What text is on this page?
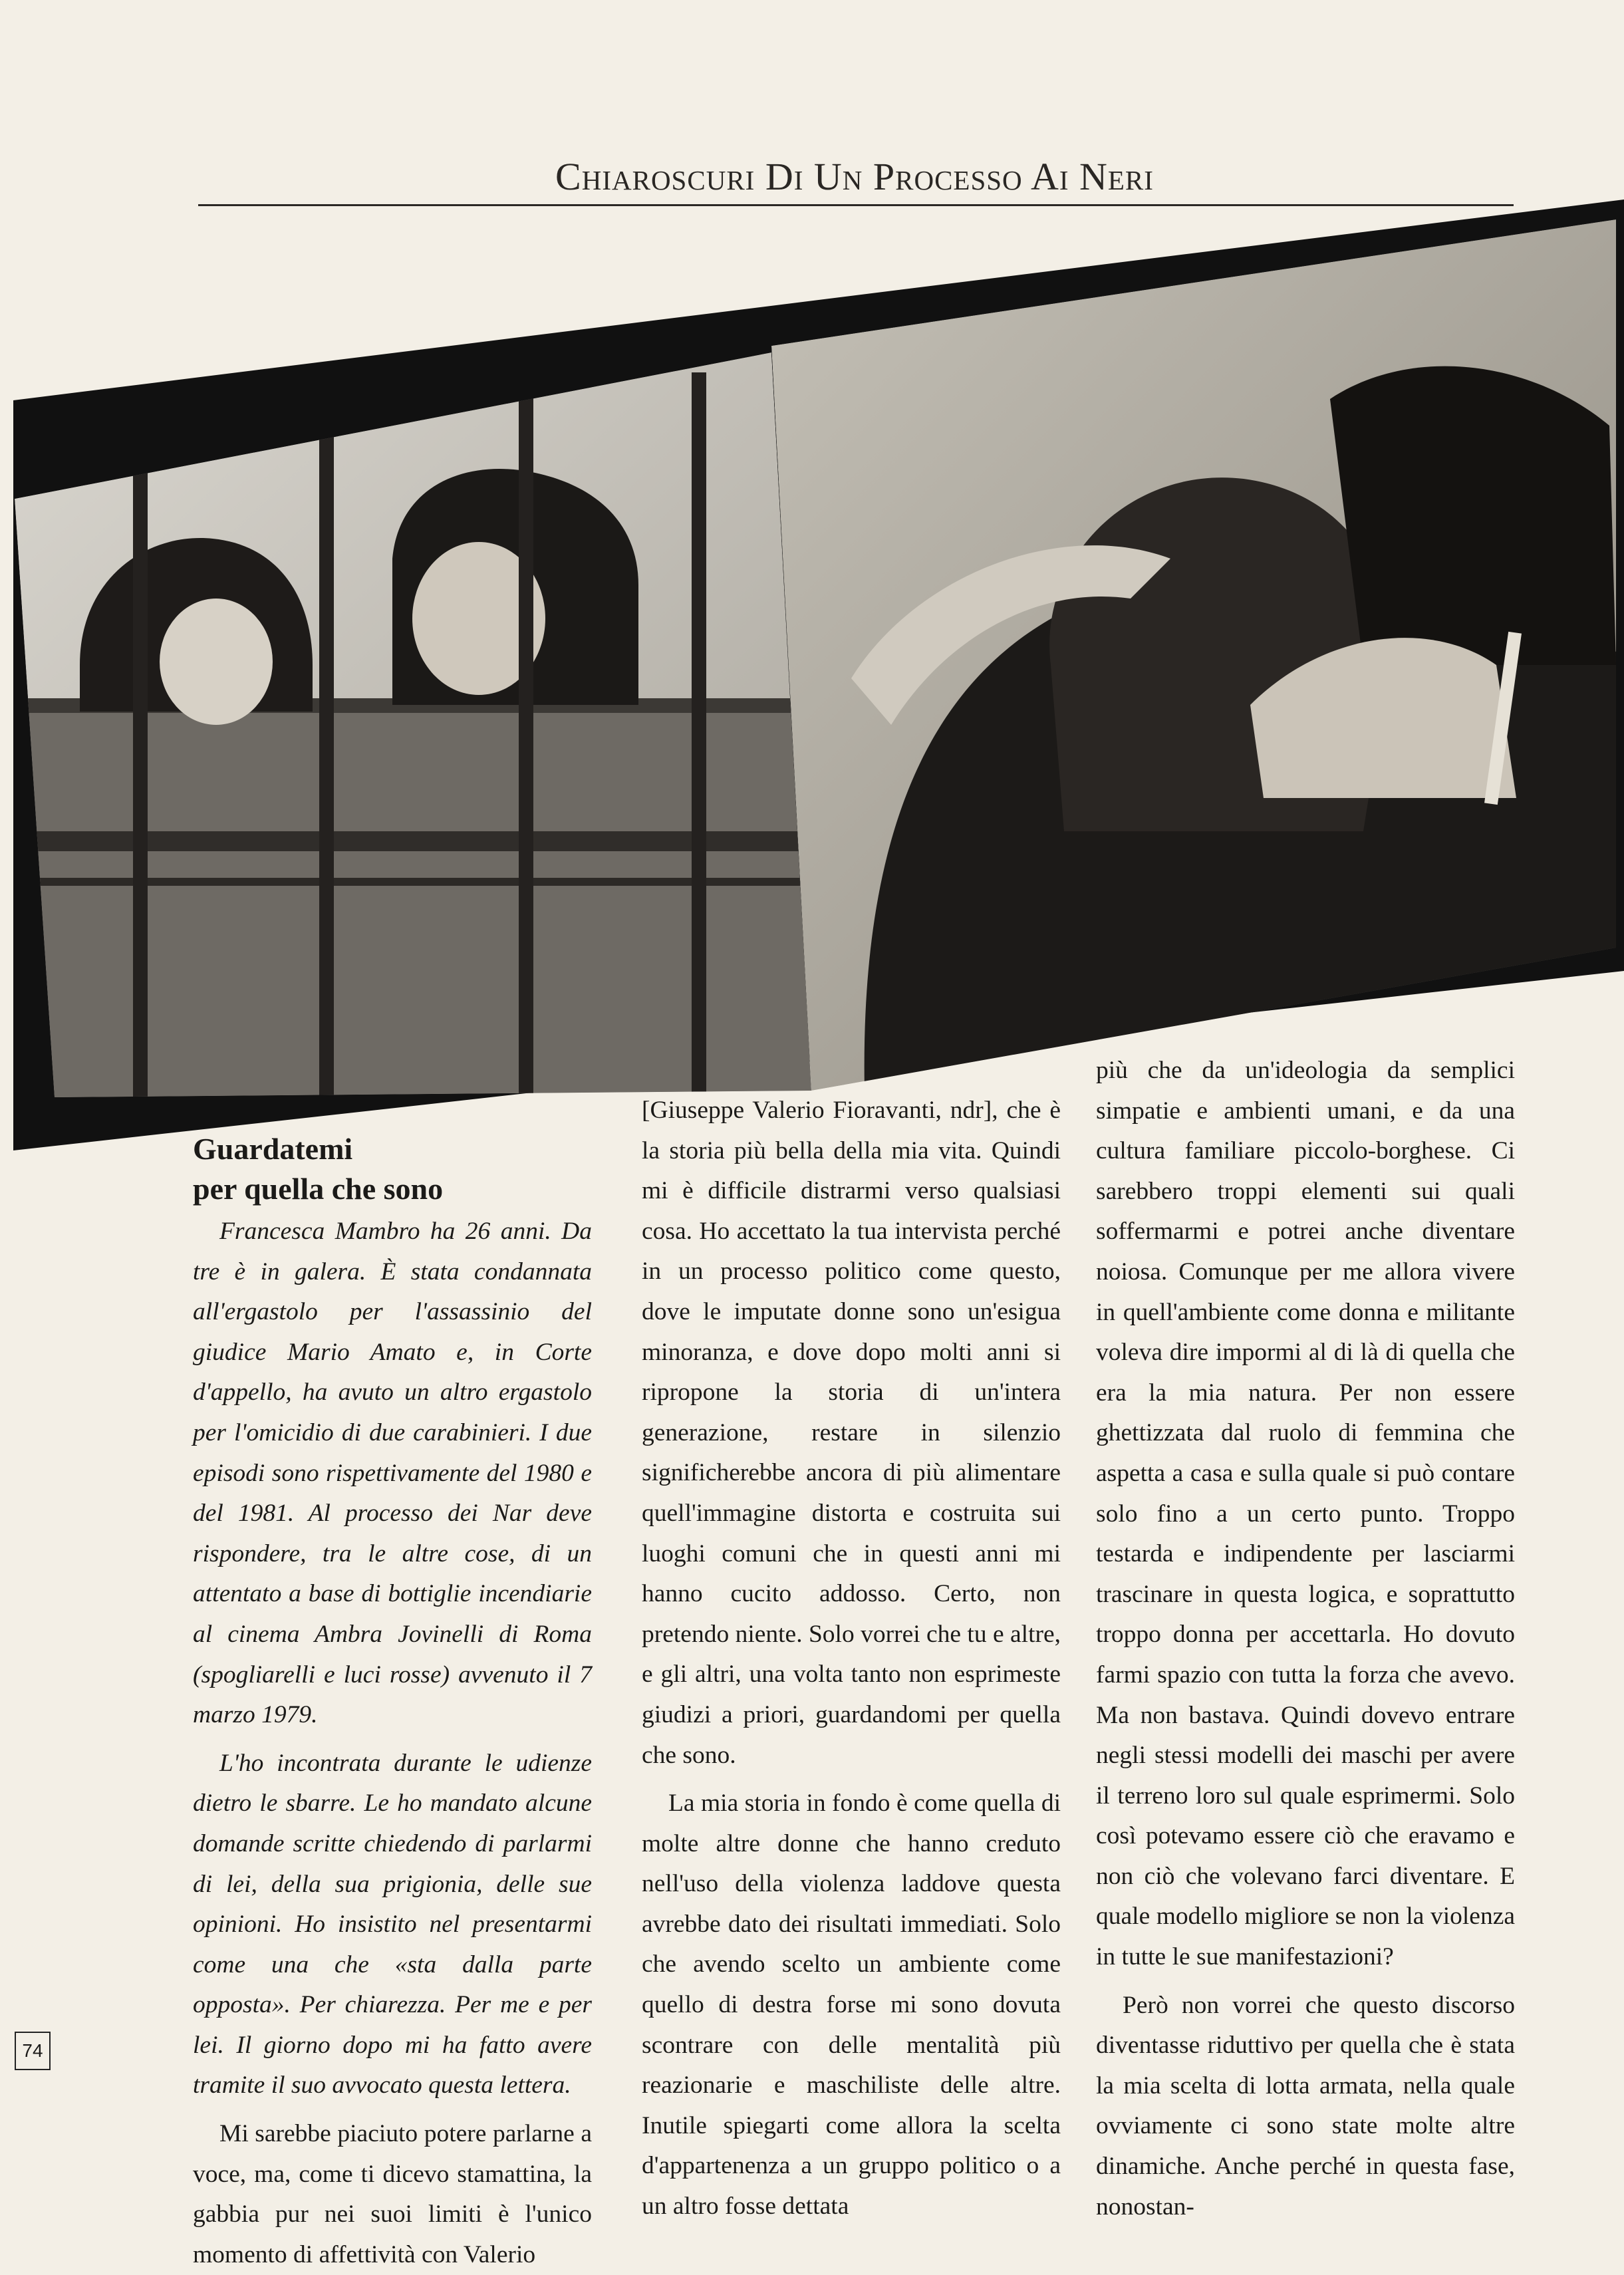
Chiaroscuri Di Un Processo Ai Neri
Guardatemi
per quella che sono

Francesca Mambro ha 26 anni. Da tre è in galera. È stata condannata all'ergastolo per l'assassinio del giudice Mario Amato e, in Corte d'appello, ha avuto un altro ergastolo per l'omicidio di due carabinieri. I due episodi sono rispettivamente del 1980 e del 1981. Al processo dei Nar deve rispondere, tra le altre cose, di un attentato a base di bottiglie incendiarie al cinema Ambra Jovinelli di Roma (spogliarelli e luci rosse) avvenuto il 7 marzo 1979.

L'ho incontrata durante le udienze dietro le sbarre. Le ho mandato alcune domande scritte chiedendo di parlarmi di lei, della sua prigionia, delle sue opinioni. Ho insistito nel presentarmi come una che «sta dalla parte opposta». Per chiarezza. Per me e per lei. Il giorno dopo mi ha fatto avere tramite il suo avvocato questa lettera.

Mi sarebbe piaciuto potere parlarne a voce, ma, come ti dicevo stamattina, la gabbia pur nei suoi limiti è l'unico momento di affettività con Valerio

[Giuseppe Valerio Fioravanti, ndr], che è la storia più bella della mia vita. Quindi mi è difficile distrarmi verso qualsiasi cosa. Ho accettato la tua intervista perché in un processo politico come questo, dove le imputate donne sono un'esigua minoranza, e dove dopo molti anni si ripropone la storia di un'intera generazione, restare in silenzio significherebbe ancora di più alimentare quell'immagine distorta e costruita sui luoghi comuni che in questi anni mi hanno cucito addosso. Certo, non pretendo niente. Solo vorrei che tu e altre, e gli altri, una volta tanto non esprimeste giudizi a priori, guardandomi per quella che sono.

La mia storia in fondo è come quella di molte altre donne che hanno creduto nell'uso della violenza laddove questa avrebbe dato dei risultati immediati. Solo che avendo scelto un ambiente come quello di destra forse mi sono dovuta scontrare con delle mentalità più reazionarie e maschiliste delle altre. Inutile spiegarti come allora la scelta d'appartenenza a un gruppo politico o a un altro fosse dettata

più che da un'ideologia da semplici simpatie e ambienti umani, e da una cultura familiare piccolo-borghese. Ci sarebbero troppi elementi sui quali soffermarmi e potrei anche diventare noiosa. Comunque per me allora vivere in quell'ambiente come donna e militante voleva dire impormi al di là di quella che era la mia natura. Per non essere ghettizzata dal ruolo di femmina che aspetta a casa e sulla quale si può contare solo fino a un certo punto. Troppo testarda e indipendente per lasciarmi trascinare in questa logica, e soprattutto troppo donna per accettarla. Ho dovuto farmi spazio con tutta la forza che avevo. Ma non bastava. Quindi dovevo entrare negli stessi modelli dei maschi per avere il terreno loro sul quale esprimermi. Solo così potevamo essere ciò che eravamo e non ciò che volevano farci diventare. E quale modello migliore se non la violenza in tutte le sue manifestazioni?

Però non vorrei che questo discorso diventasse riduttivo per quella che è stata la mia scelta di lotta armata, nella quale ovviamente ci sono state molte altre dinamiche. Anche perché in questa fase, nonostan-

74
